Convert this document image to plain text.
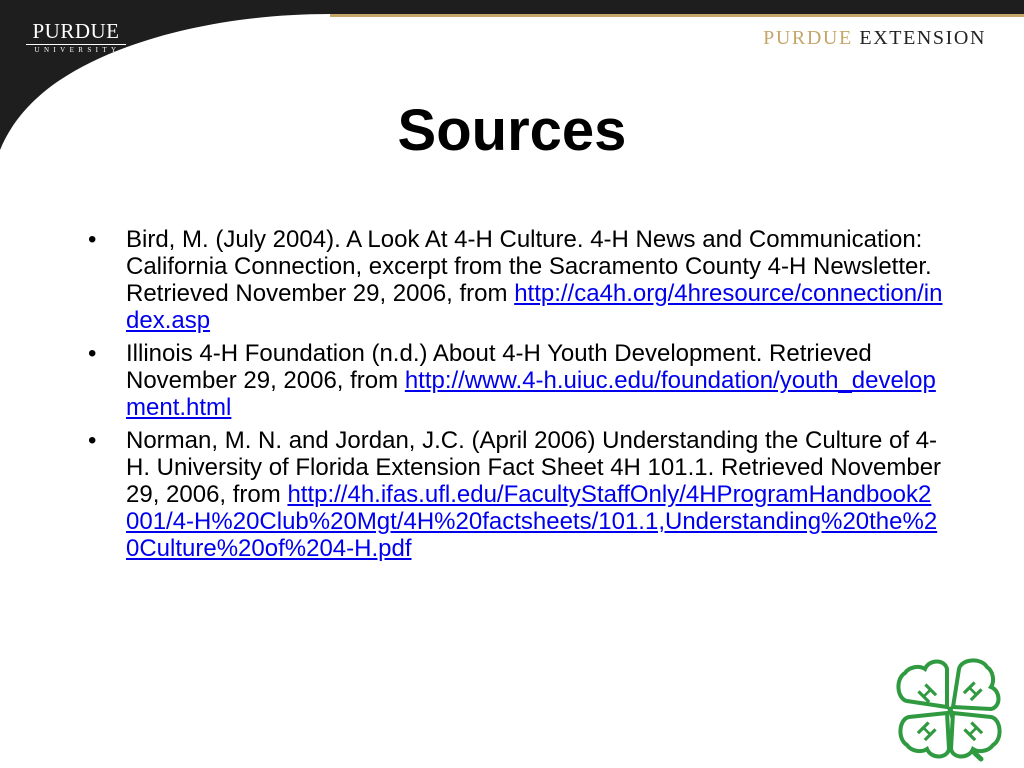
PURDUE
UNIVERSITY
PURDUE EXTENSION
Sources
• Bird, M. (July 2004). A Look At 4-H Culture. 4-H News and Communication: California Connection, excerpt from the Sacramento County 4-H Newsletter. Retrieved November 29, 2006, from http://ca4h.org/4hresource/connection/index.asp
• Illinois 4-H Foundation (n.d.) About 4-H Youth Development. Retrieved November 29, 2006, from http://www.4-h.uiuc.edu/foundation/youth_development.html
• Norman, M. N. and Jordan, J.C. (April 2006) Understanding the Culture of 4-H. University of Florida Extension Fact Sheet 4H 101.1. Retrieved November 29, 2006, from http://4h.ifas.ufl.edu/FacultyStaffOnly/4HProgramHandbook2001/4-H%20Club%20Mgt/4H%20factsheets/101.1,Understanding%20the%20Culture%20of%204-H.pdf
H H
H H
